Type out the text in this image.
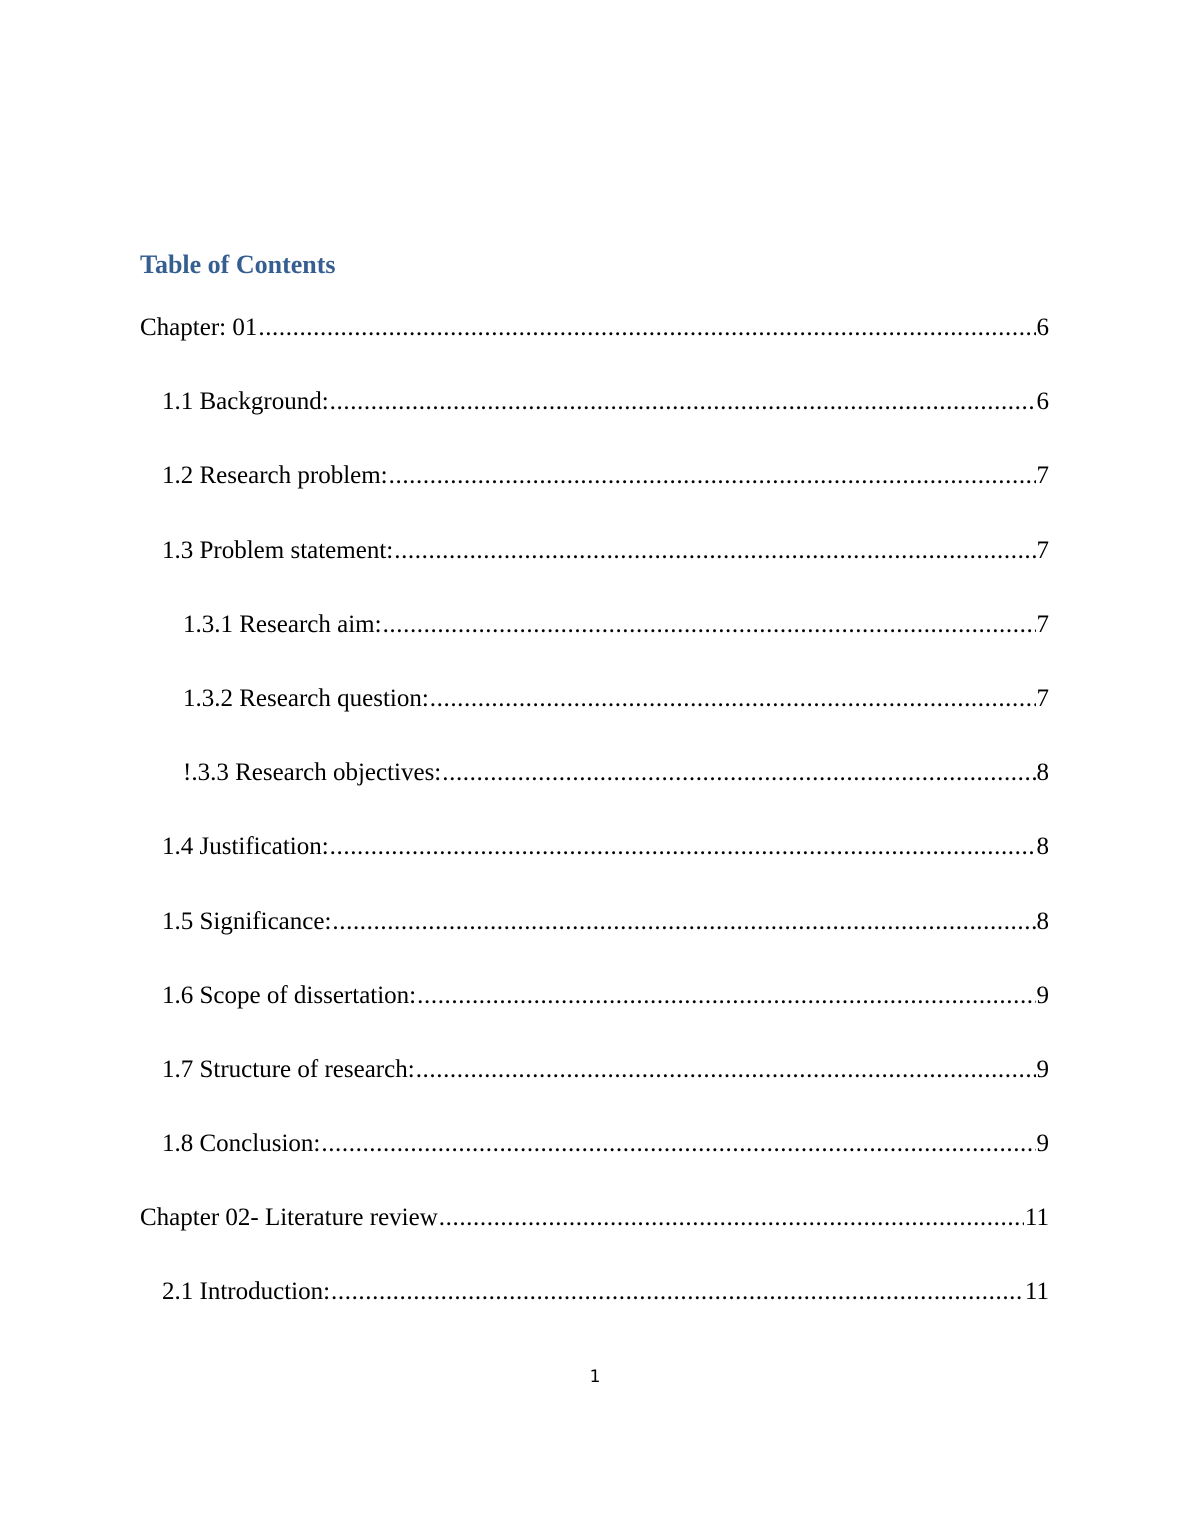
Table of Contents
Chapter: 01 .....	6
1.1 Background: .....	6
1.2 Research problem: .....	7
1.3 Problem statement: .....	7
1.3.1 Research aim: .....	7
1.3.2 Research question: .....	7
!.3.3 Research objectives: .....	8
1.4 Justification: .....	8
1.5 Significance: .....	8
1.6 Scope of dissertation: .....	9
1.7 Structure of research: .....	9
1.8 Conclusion: .....	9
Chapter 02- Literature review .....	11
2.1 Introduction: .....	11
1
